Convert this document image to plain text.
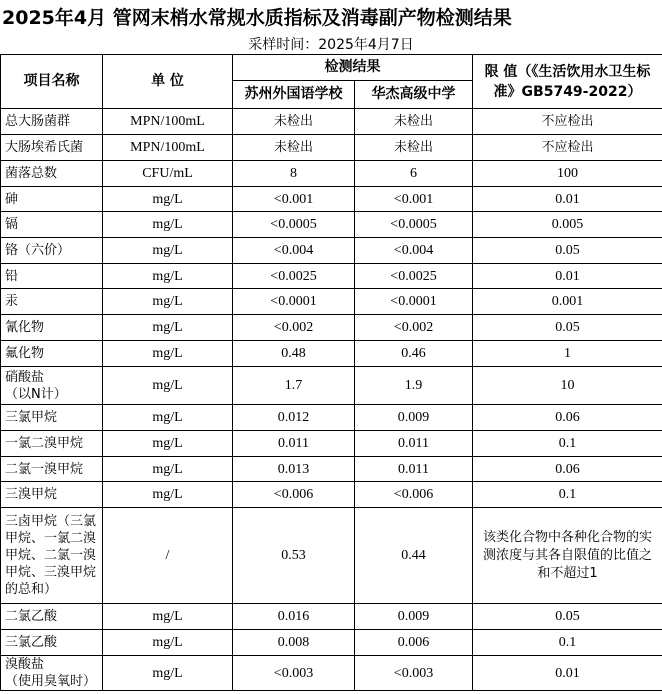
2025年4月 管网末梢水常规水质指标及消毒副产物检测结果
采样时间：2025年4月7日
项目名称	单 位	检测结果		限 值（《生活饮用水卫生标准》GB5749-2022）
		苏州外国语学校	华杰高级中学	
总大肠菌群	MPN/100mL	未检出	未检出	不应检出
大肠埃希氏菌	MPN/100mL	未检出	未检出	不应检出
菌落总数	CFU/mL	8	6	100
砷	mg/L	<0.001	<0.001	0.01
镉	mg/L	<0.0005	<0.0005	0.005
铬（六价）	mg/L	<0.004	<0.004	0.05
铅	mg/L	<0.0025	<0.0025	0.01
汞	mg/L	<0.0001	<0.0001	0.001
氰化物	mg/L	<0.002	<0.002	0.05
氟化物	mg/L	0.48	0.46	1
硝酸盐
（以N计）	mg/L	1.7	1.9	10
三氯甲烷	mg/L	0.012	0.009	0.06
一氯二溴甲烷	mg/L	0.011	0.011	0.1
二氯一溴甲烷	mg/L	0.013	0.011	0.06
三溴甲烷	mg/L	<0.006	<0.006	0.1
三卤甲烷（三氯甲烷、一氯二溴甲烷、二氯一溴甲烷、三溴甲烷的总和）	/	0.53	0.44	该类化合物中各种化合物的实测浓度与其各自限值的比值之和不超过1
二氯乙酸	mg/L	0.016	0.009	0.05
三氯乙酸	mg/L	0.008	0.006	0.1
溴酸盐
（使用臭氧时）	mg/L	<0.003	<0.003	0.01
